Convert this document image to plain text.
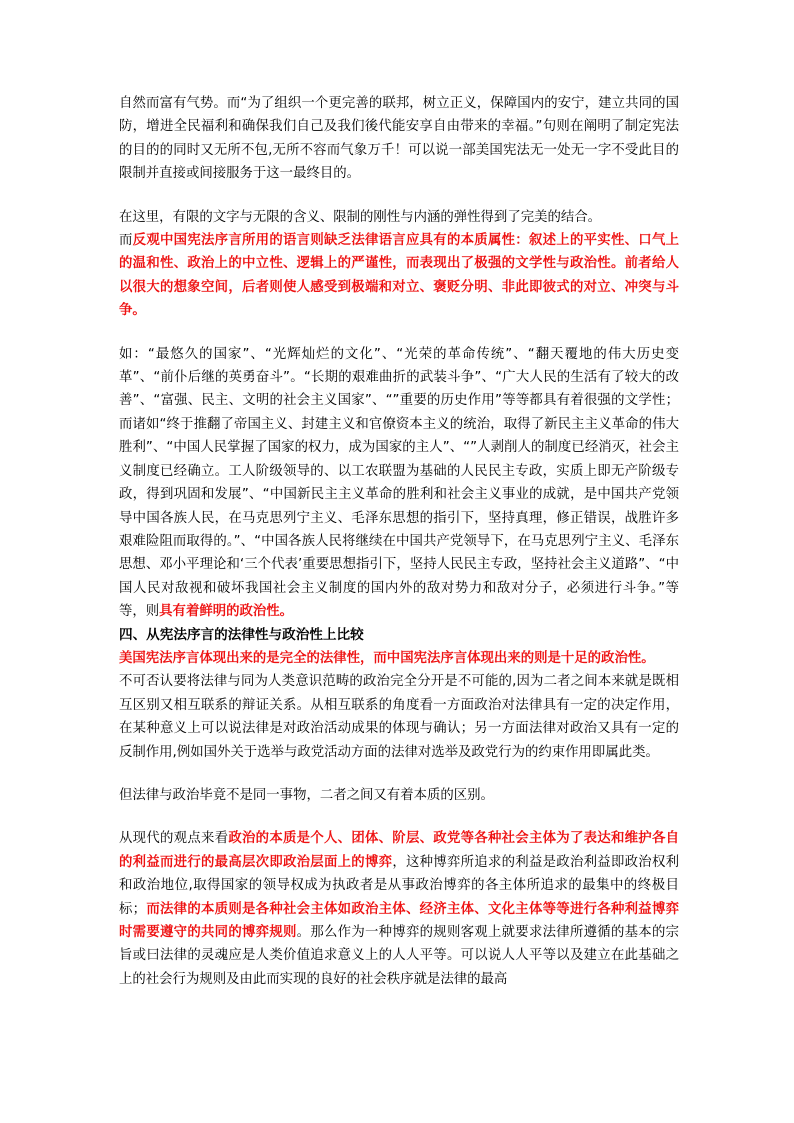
自然而富有气势。而“为了组织一个更完善的联邦，树立正义，保障国内的安宁，建立共同的国防，增进全民福利和确保我们自己及我们後代能安享自由带来的幸福。”句则在阐明了制定宪法的目的的同时又无所不包,无所不容而气象万千！可以说一部美国宪法无一处无一字不受此目的限制并直接或间接服务于这一最终目的。

在这里，有限的文字与无限的含义、限制的刚性与内涵的弹性得到了完美的结合。

而反观中国宪法序言所用的语言则缺乏法律语言应具有的本质属性：叙述上的平实性、口气上的温和性、政治上的中立性、逻辑上的严谨性，而表现出了极强的文学性与政治性。前者给人以很大的想象空间，后者则使人感受到极端和对立、褒贬分明、非此即彼式的对立、冲突与斗争。

如：“最悠久的国家”、“光辉灿烂的文化”、“光荣的革命传统”、“翻天覆地的伟大历史变革”、“前仆后继的英勇奋斗”。“长期的艰难曲折的武装斗争”、“广大人民的生活有了较大的改善”、“富强、民主、文明的社会主义国家”、“”重要的历史作用”等等都具有着很强的文学性；而诸如“终于推翻了帝国主义、封建主义和官僚资本主义的统治，取得了新民主主义革命的伟大胜利”、“中国人民掌握了国家的权力，成为国家的主人”、“”人剥削人的制度已经消灭，社会主义制度已经确立。工人阶级领导的、以工农联盟为基础的人民民主专政，实质上即无产阶级专政，得到巩固和发展”、“中国新民主主义革命的胜利和社会主义事业的成就，是中国共产党领导中国各族人民，在马克思列宁主义、毛泽东思想的指引下，坚持真理，修正错误，战胜许多艰难险阻而取得的。”、“中国各族人民将继续在中国共产党领导下，在马克思列宁主义、毛泽东思想、邓小平理论和‘三个代表’重要思想指引下，坚持人民民主专政，坚持社会主义道路”、“中国人民对敌视和破坏我国社会主义制度的国内外的敌对势力和敌对分子，必须进行斗争。”等等，则具有着鲜明的政治性。

四、从宪法序言的法律性与政治性上比较

美国宪法序言体现出来的是完全的法律性，而中国宪法序言体现出来的则是十足的政治性。

不可否认要将法律与同为人类意识范畴的政治完全分开是不可能的,因为二者之间本来就是既相互区别又相互联系的辩证关系。从相互联系的角度看一方面政治对法律具有一定的决定作用，在某种意义上可以说法律是对政治活动成果的体现与确认；另一方面法律对政治又具有一定的反制作用,例如国外关于选举与政党活动方面的法律对选举及政党行为的约束作用即属此类。

但法律与政治毕竟不是同一事物，二者之间又有着本质的区别。

从现代的观点来看政治的本质是个人、团体、阶层、政党等各种社会主体为了表达和维护各自的利益而进行的最高层次即政治层面上的博弈，这种博弈所追求的利益是政治利益即政治权利和政治地位,取得国家的领导权成为执政者是从事政治博弈的各主体所追求的最集中的终极目标；而法律的本质则是各种社会主体如政治主体、经济主体、文化主体等等进行各种利益博弈时需要遵守的共同的博弈规则。那么作为一种博弈的规则客观上就要求法律所遵循的基本的宗旨或曰法律的灵魂应是人类价值追求意义上的人人平等。可以说人人平等以及建立在此基础之上的社会行为规则及由此而实现的良好的社会秩序就是法律的最高
